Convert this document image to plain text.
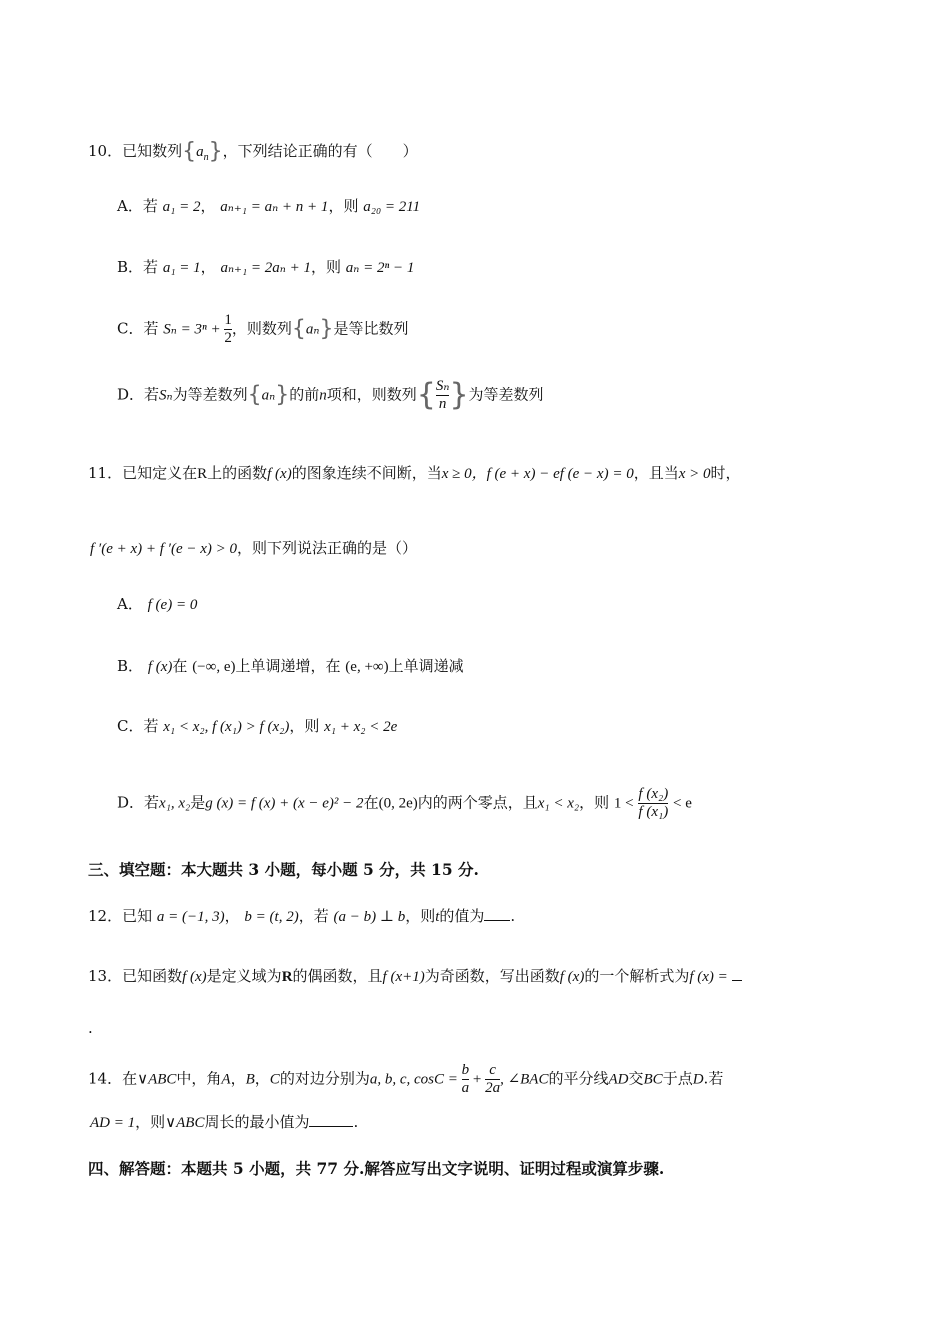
10．已知数列$\{a_n\}$，下列结论正确的有（　　）
A．若 a₁ = 2， aₙ₊₁ = aₙ + n + 1，则 a₂₀ = 211
B．若 a₁ = 1， aₙ₊₁ = 2aₙ + 1，则 aₙ = 2ⁿ − 1
C．若 $S_n = 3^n + \frac{1}{2}$ ，则数列{aₙ}是等比数列
D．若Sₙ为等差数列{aₙ}的前n项和，则数列{ $\frac{\text{Sₙ}}{n}$ }为等差数列
11．已知定义在R上的函数f (x)的图象连续不间断，当x ≥ 0，f (e + x) − ef (e − x) = 0，且当x > 0时，
f ′(e + x) + f ′(e − x) > 0，则下列说法正确的是（）
A． f (e) = 0
B． f (x)在 (−∞, e)上单调递增，在 (e, +∞)上单调递减
C．若 x₁ < x₂, f (x₁) > f (x₂)，则 x₁ + x₂ < 2e
D．若x₁, x₂是g (x) = f (x) + (x − e)² − 2在(0, 2e)内的两个零点，且x₁ < x₂，则 $1 < \frac{\text{f (x₂)}}{\text{f (x₁)}} < e$
三、填空题：本大题共 3 小题，每小题 5 分，共 15 分.
12．已知 a = (−1, 3)， b = (t, 2)，若 (a − b) ⊥ b，则t的值为 .
13．已知函数f (x)是定义域为R的偶函数，且f (x+1)为奇函数，写出函数f (x)的一个解析式为f (x) =
.
14．在∨ABC中，角A，B，C的对边分别为a, b, c, $\cos C = \frac{b}{a} + \frac{c}{2a}$ , ∠BAC的平分线AD交BC于点D.若
AD = 1，则∨ABC周长的最小值为	.
四、解答题：本题共 5 小题，共 77 分.解答应写出文字说明、证明过程或演算步骤.
